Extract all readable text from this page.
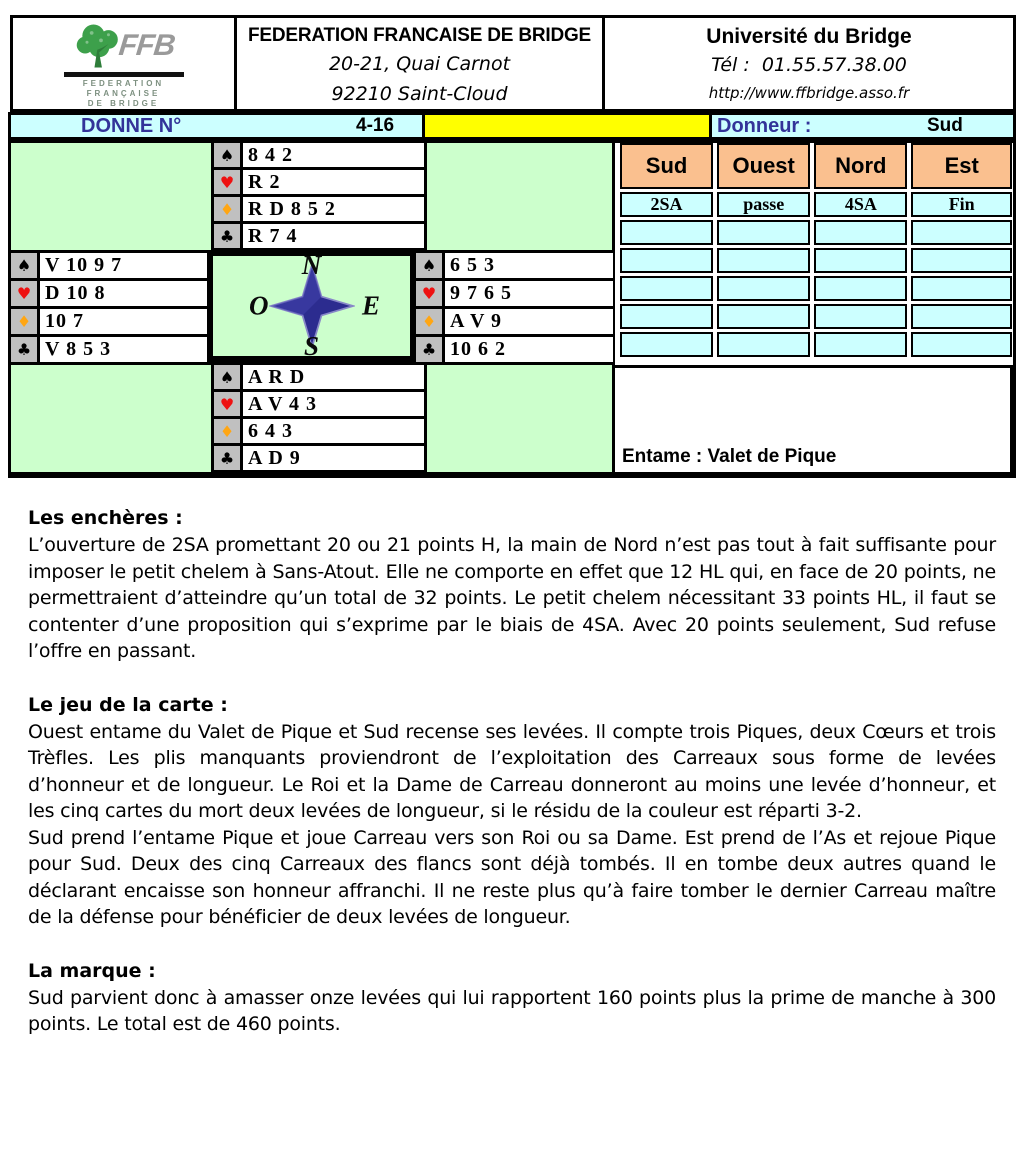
FFB
FEDERATION
FRANÇAISE
DE BRIDGE
FEDERATION FRANCAISE DE BRIDGE
20-21, Quai Carnot
92210 Saint-Cloud
Université du Bridge
Tél :  01.55.57.38.00
http://www.ffbridge.asso.fr
DONNE N°	4-16	Donneur :	Sud
♠ 8 4 2
♥ R 2
♦ R D 8 5 2
♣ R 7 4
♠ V 10 9 7
♥ D 10 8
♦ 10 7
♣ V 8 5 3
N
O	E
S
♠ 6 5 3
♥ 9 7 6 5
♦ A V 9
♣ 10 6 2
♠ A R D
♥ A V 4 3
♦ 6 4 3
♣ A D 9
Sud	Ouest	Nord	Est
2SA	passe	4SA	Fin
Entame : Valet de Pique
Les enchères :

L’ouverture de 2SA promettant 20 ou 21 points H, la main de Nord n’est pas tout à fait suffisante pour imposer le petit chelem à Sans-Atout. Elle ne comporte en effet que 12 HL qui, en face de 20 points, ne permettraient d’atteindre qu’un total de 32 points. Le petit chelem nécessitant 33 points HL, il faut se contenter d’une proposition qui s’exprime par le biais de 4SA. Avec 20 points seulement, Sud refuse l’offre en passant.

Le jeu de la carte :

Ouest entame du Valet de Pique et Sud recense ses levées. Il compte trois Piques, deux Cœurs et trois Trèfles. Les plis manquants proviendront de l’exploitation des Carreaux sous forme de levées d’honneur et de longueur. Le Roi et la Dame de Carreau donneront au moins une levée d’honneur, et les cinq cartes du mort deux levées de longueur, si le résidu de la couleur est réparti 3-2.

Sud prend l’entame Pique et joue Carreau vers son Roi ou sa Dame. Est prend de l’As et rejoue Pique pour Sud. Deux des cinq Carreaux des flancs sont déjà tombés. Il en tombe deux autres quand le déclarant encaisse son honneur affranchi. Il ne reste plus qu’à faire tomber le dernier Carreau maître de la défense pour bénéficier de deux levées de longueur.

La marque :

Sud parvient donc à amasser onze levées qui lui rapportent 160 points plus la prime de manche à 300 points. Le total est de 460 points.
